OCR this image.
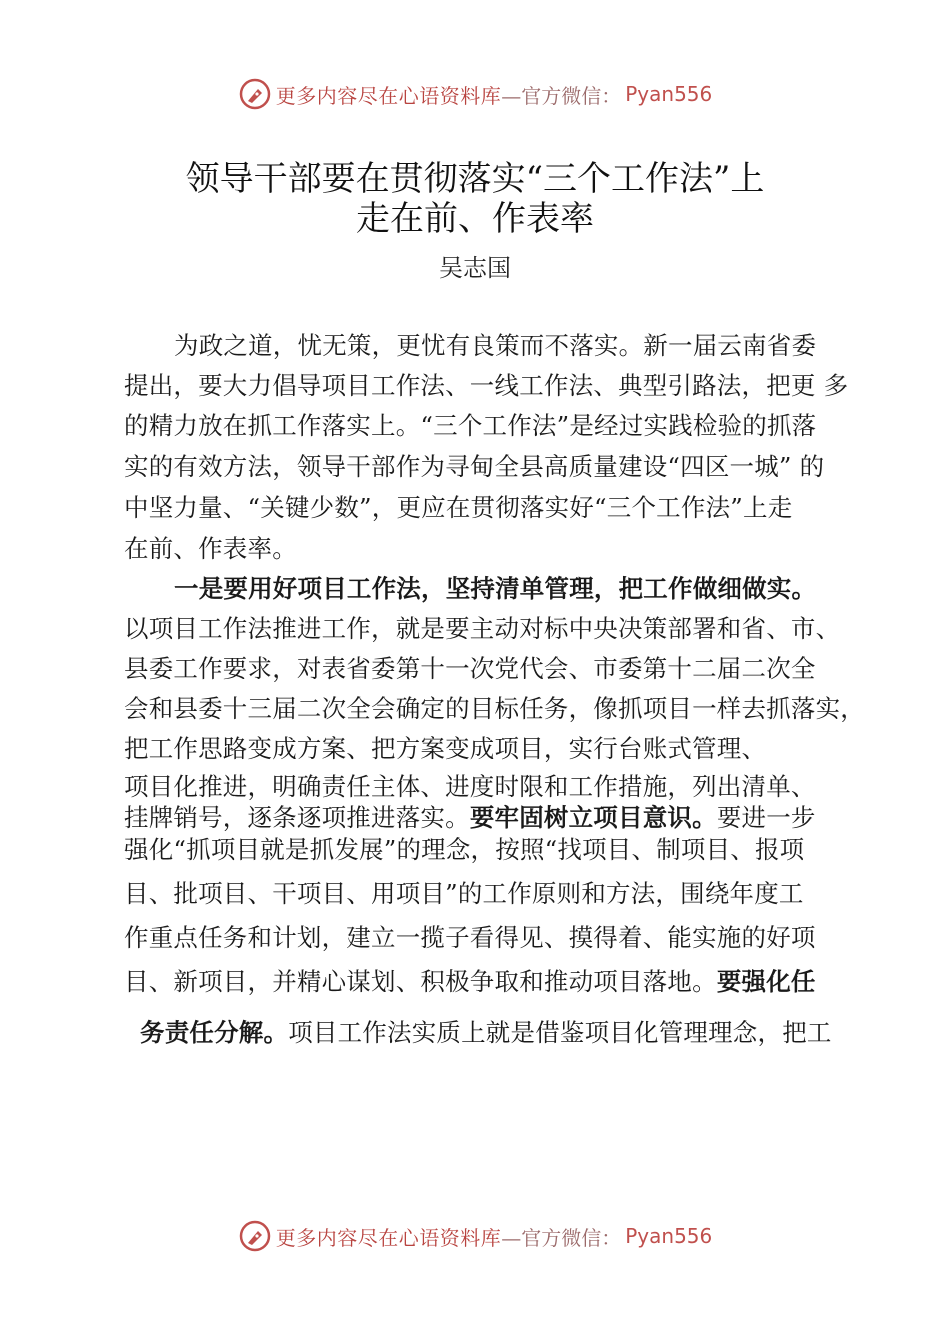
更多内容尽在心语资料库 —官方微信： Pyan556
领导干部要在贯彻落实“三个工作法”上
走在前、作表率
吴志国
为政之道，忧无策，更忧有良策而不落实。新一届云南省委
提出，要大力倡导项目工作法、一线工作法、典型引路法，把更 多
的精力放在抓工作落实上。“三个工作法”是经过实践检验的抓落
实的有效方法，领导干部作为寻甸全县高质量建设“四区一城” 的
中坚力量、“关键少数”，更应在贯彻落实好“三个工作法”上走
在前、作表率。
一是要用好项目工作法，坚持清单管理，把工作做细做实。
以项目工作法推进工作，就是要主动对标中央决策部署和省、市、
县委工作要求，对表省委第十一次党代会、市委第十二届二次全
会和县委十三届二次全会确定的目标任务，像抓项目一样去抓落实，
把工作思路变成方案、把方案变成项目，实行台账式管理、
项目化推进，明确责任主体、进度时限和工作措施，列出清单、
挂牌销号，逐条逐项推进落实。要牢固树立项目意识。要进一步
强化“抓项目就是抓发展”的理念，按照“找项目、制项目、报项
目、批项目、干项目、用项目”的工作原则和方法，围绕年度工
作重点任务和计划，建立一揽子看得见、摸得着、能实施的好项
目、新项目，并精心谋划、积极争取和推动项目落地。要强化任
务责任分解。项目工作法实质上就是借鉴项目化管理理念，把工
更多内容尽在心语资料库 —官方微信： Pyan556
